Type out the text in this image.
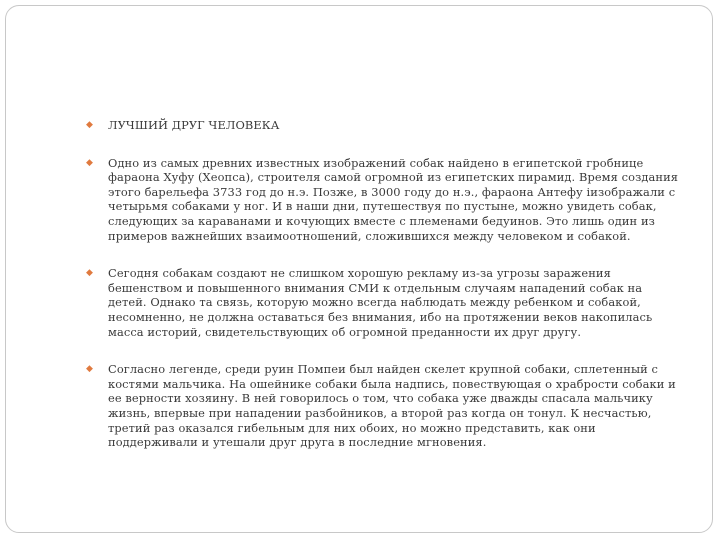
◆ ЛУЧШИЙ ДРУГ ЧЕЛОВЕКА
◆ Одно из самых древних известных изображений собак найдено в египетской гробнице фараона Хуфу (Хеопса), строителя самой огромной из египетских пирамид. Время создания этого барельефа 3733 год до н.э. Позже, в 3000 году до н.э., фараона Антефу iизображали с четырьмя собаками у ног. И в наши дни, путешествуя по пустыне, можно увидеть собак, следующих за караванами и кочующих вместе с племенами бедуинов. Это лишь один из примеров важнейших взаимоотношений, сложившихся между человеком и собакой.
◆ Сегодня собакам создают не слишком хорошую рекламу из-за угрозы заражения бешенством и повышенного внимания СМИ к отдельным случаям нападений собак на детей. Однако та связь, которую можно всегда наблюдать между ребенком и собакой, несомненно, не должна оставаться без внимания, ибо на протяжении веков накопилась масса историй, свидетельствующих об огромной преданности их друг другу.
◆ Согласно легенде, среди руин Помпеи был найден скелет крупной собаки, сплетенный с костями мальчика. На ошейнике собаки была надпись, повествующая о храбрости собаки и ее верности хозяину. В ней говорилось о том, что собака уже дважды спасала мальчику жизнь, впервые при нападении разбойников, а второй раз когда он тонул. К несчастью, третий раз оказался гибельным для них обоих, но можно представить, как они поддерживали и утешали друг друга в последние мгновения.
